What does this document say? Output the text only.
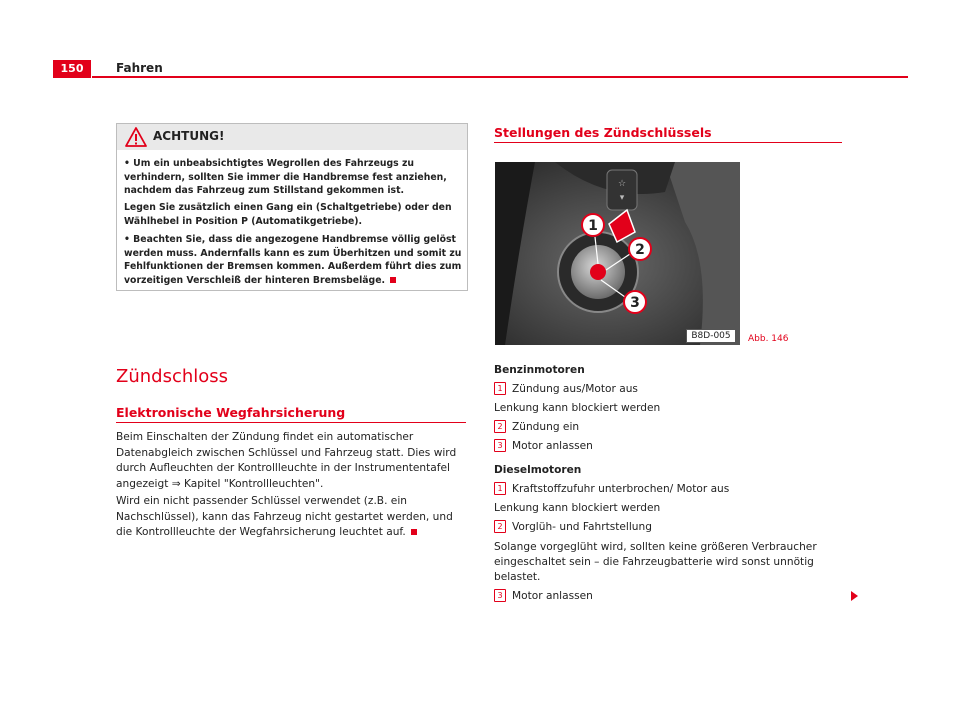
150	Fahren
ACHTUNG!
• Um ein unbeabsichtigtes Wegrollen des Fahrzeugs zu verhindern, sollten Sie immer die Handbremse fest anziehen, nachdem das Fahrzeug zum Stillstand gekommen ist.
Legen Sie zusätzlich einen Gang ein (Schaltgetriebe) oder den Wählhebel in Position P (Automatikgetriebe).
• Beachten Sie, dass die angezogene Handbremse völlig gelöst werden muss. Andernfalls kann es zum Überhitzen und somit zu Fehlfunktionen der Bremsen kommen. Außerdem führt dies zum vorzeitigen Verschleiß der hinteren Bremsbeläge.
Zündschloss
Elektronische Wegfahrsicherung
Beim Einschalten der Zündung findet ein automatischer Datenabgleich zwischen Schlüssel und Fahrzeug statt. Dies wird durch Aufleuchten der Kontrollleuchte in der Instrumententafel angezeigt ⇒ Kapitel "Kontrollleuchten".
Wird ein nicht passender Schlüssel verwendet (z.B. ein Nachschlüssel), kann das Fahrzeug nicht gestartet werden, und die Kontrollleuchte der Wegfahrsicherung leuchtet auf.
Stellungen des Zündschlüssels
☆
▾
1
2
3
B8D-005	Abb. 146
Benzinmotoren
1 Zündung aus/Motor aus
Lenkung kann blockiert werden
2 Zündung ein
3 Motor anlassen
Dieselmotoren
1 Kraftstoffzufuhr unterbrochen/ Motor aus
Lenkung kann blockiert werden
2 Vorglüh- und Fahrtstellung
Solange vorgeglüht wird, sollten keine größeren Verbraucher eingeschaltet sein – die Fahrzeugbatterie wird sonst unnötig belastet.
3 Motor anlassen
